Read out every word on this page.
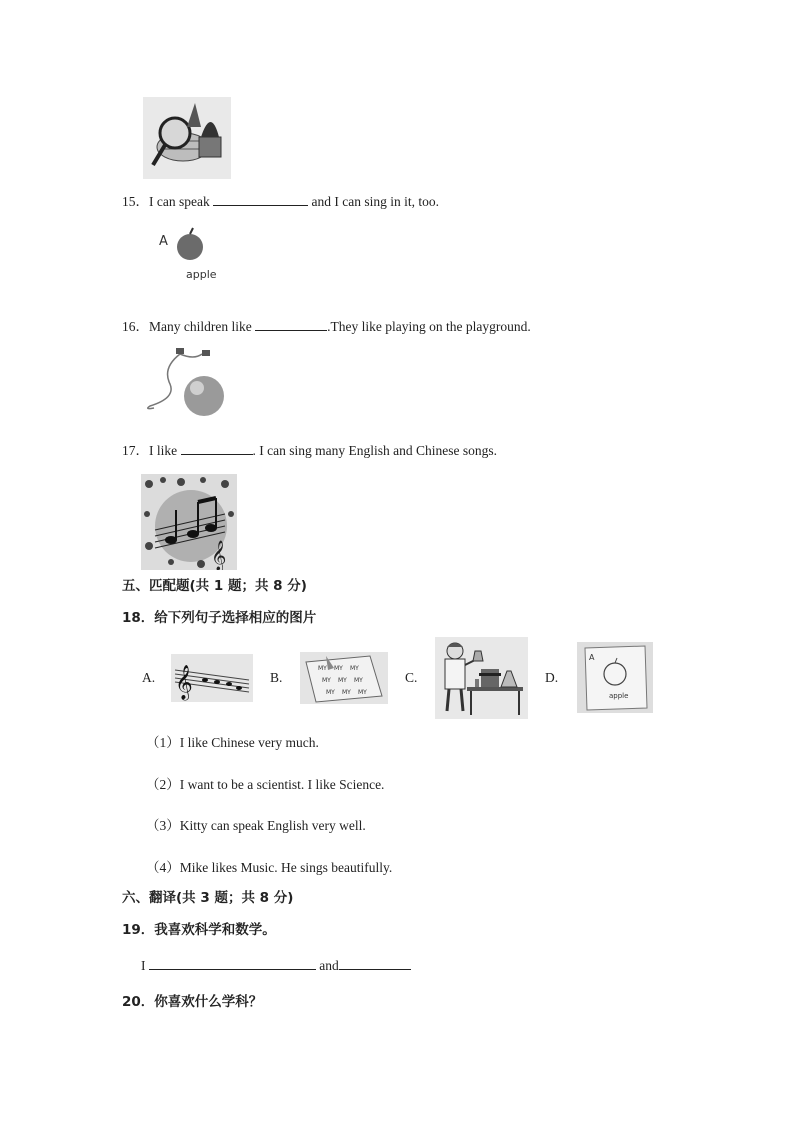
15．I can speak	and I can sing in it, too.
A
apple
16．Many children like	.They like playing on the playground.
17．I like	. I can sing many English and Chinese songs.
𝄞
五、匹配题(共 1 题；共 8 分)
18．给下列句子选择相应的图片
A. 𝄞	B.
MY MY MY
MY MY MY
MY MY MY
C.	D.
A
apple
（1）I like Chinese very much.
（2）I want to be a scientist. I like Science.
（3）Kitty can speak English very well.
（4）Mike likes Music. He sings beautifully.
六、翻译(共 3 题；共 8 分)
19．我喜欢科学和数学。
I	and
20．你喜欢什么学科？
